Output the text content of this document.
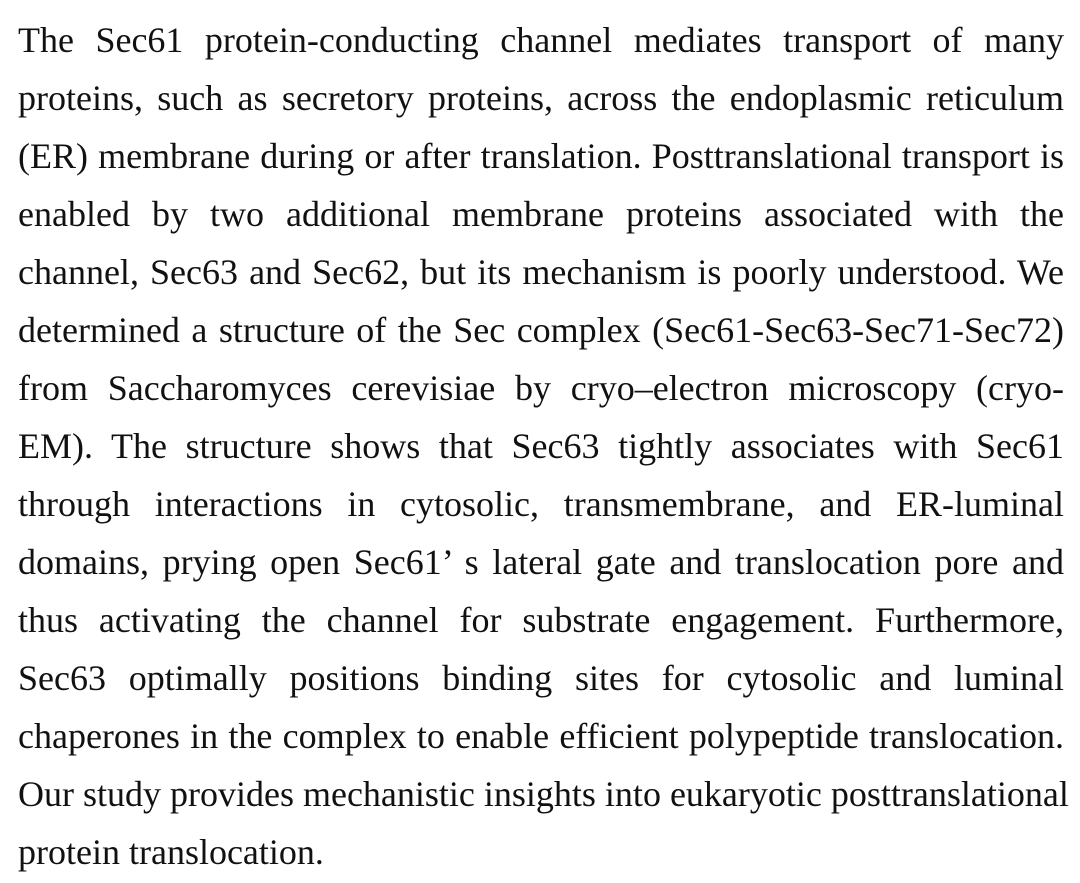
The Sec61 protein-conducting channel mediates transport of many
proteins, such as secretory proteins, across the endoplasmic reticulum
(ER) membrane during or after translation. Posttranslational transport is
enabled by two additional membrane proteins associated with the
channel, Sec63 and Sec62, but its mechanism is poorly understood. We
determined a structure of the Sec complex (Sec61-Sec63-Sec71-Sec72)
from Saccharomyces cerevisiae by cryo–electron microscopy (cryo-
EM). The structure shows that Sec63 tightly associates with Sec61
through interactions in cytosolic, transmembrane, and ER-luminal
domains, prying open Sec61’ s lateral gate and translocation pore and
thus activating the channel for substrate engagement. Furthermore,
Sec63 optimally positions binding sites for cytosolic and luminal
chaperones in the complex to enable efficient polypeptide translocation.
Our study provides mechanistic insights into eukaryotic posttranslational
protein translocation.
